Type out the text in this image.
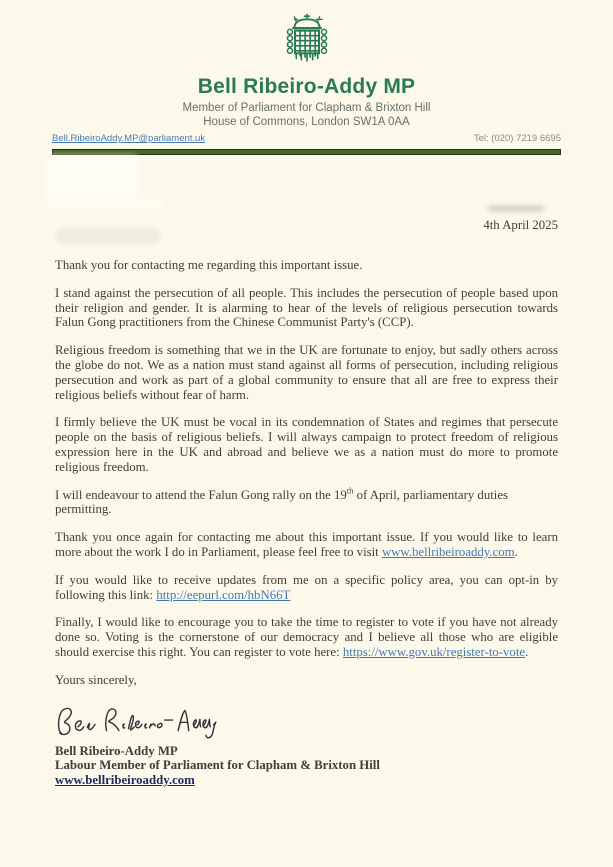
Bell Ribeiro-Addy MP
Member of Parliament for Clapham & Brixton Hill
House of Commons, London SW1A 0AA
Bell.RibeiroAddy.MP@parliament.uk	Tel: (020) 7219 6695
4th April 2025

Thank you for contacting me regarding this important issue.

I stand against the persecution of all people. This includes the persecution of people based upon their religion and gender. It is alarming to hear of the levels of religious persecution towards Falun Gong practitioners from the Chinese Communist Party's (CCP).

Religious freedom is something that we in the UK are fortunate to enjoy, but sadly others across the globe do not. We as a nation must stand against all forms of persecution, including religious persecution and work as part of a global community to ensure that all are free to express their religious beliefs without fear of harm.

I firmly believe the UK must be vocal in its condemnation of States and regimes that persecute people on the basis of religious beliefs. I will always campaign to protect freedom of religious expression here in the UK and abroad and believe we as a nation must do more to promote religious freedom.

I will endeavour to attend the Falun Gong rally on the 19th of April, parliamentary duties permitting.

Thank you once again for contacting me about this important issue. If you would like to learn more about the work I do in Parliament, please feel free to visit www.bellribeiroaddy.com.

If you would like to receive updates from me on a specific policy area, you can opt-in by following this link: http://eepurl.com/hbN66T

Finally, I would like to encourage you to take the time to register to vote if you have not already done so. Voting is the cornerstone of our democracy and I believe all those who are eligible should exercise this right. You can register to vote here: https://www.gov.uk/register-to-vote.

Yours sincerely,

Bell Ribeiro-Addy MP
Labour Member of Parliament for Clapham & Brixton Hill
www.bellribeiroaddy.com
